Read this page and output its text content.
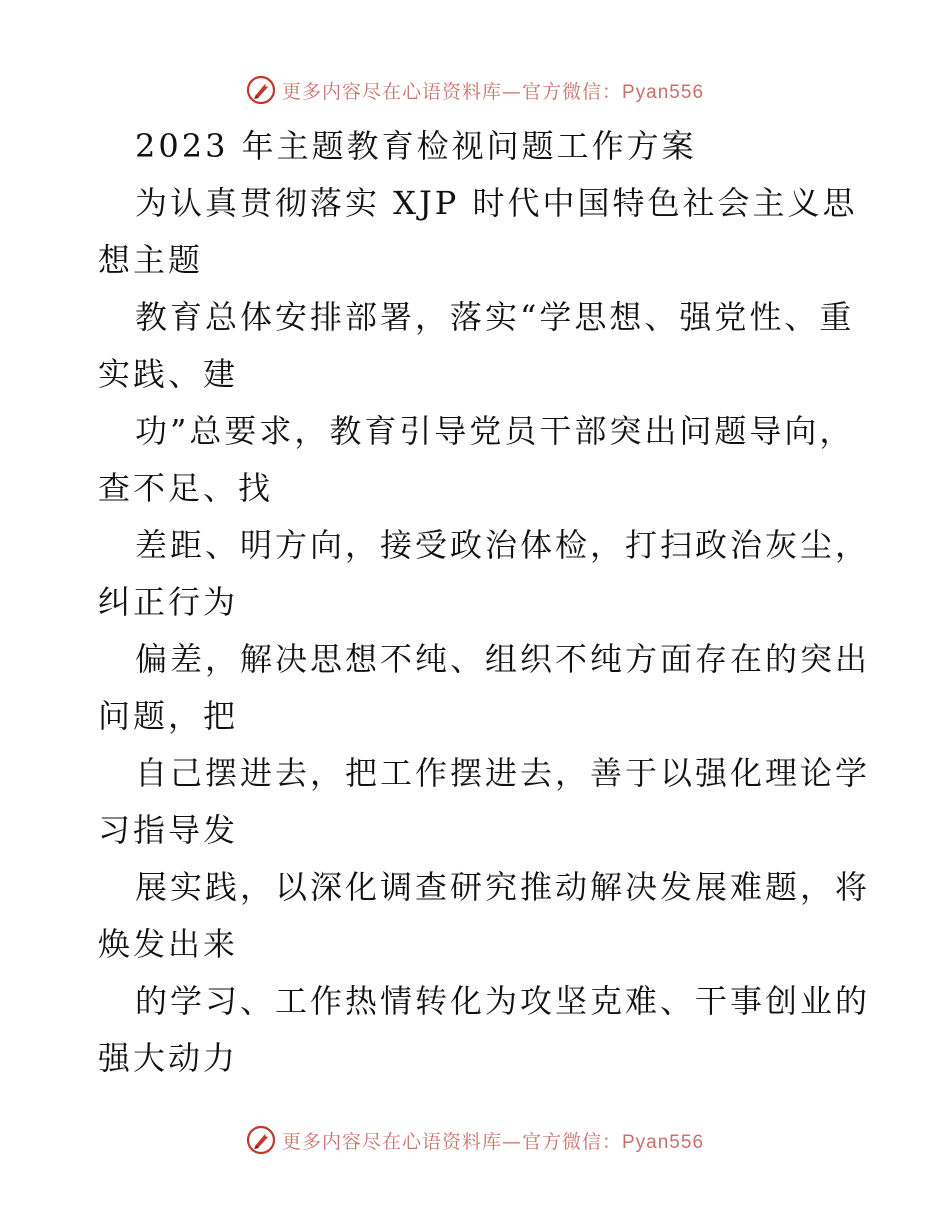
更多内容尽在心语资料库—官方微信：Pyan556
2023 年主题教育检视问题工作方案
为认真贯彻落实 XJP 时代中国特色社会主义思
想主题
教育总体安排部署，落实“学思想、强党性、重
实践、建
功”总要求，教育引导党员干部突出问题导向，
查不足、找
差距、明方向，接受政治体检，打扫政治灰尘，
纠正行为
偏差，解决思想不纯、组织不纯方面存在的突出
问题，把
自己摆进去，把工作摆进去，善于以强化理论学
习指导发
展实践，以深化调查研究推动解决发展难题，将
焕发出来
的学习、工作热情转化为攻坚克难、干事创业的
强大动力
更多内容尽在心语资料库—官方微信：Pyan556
